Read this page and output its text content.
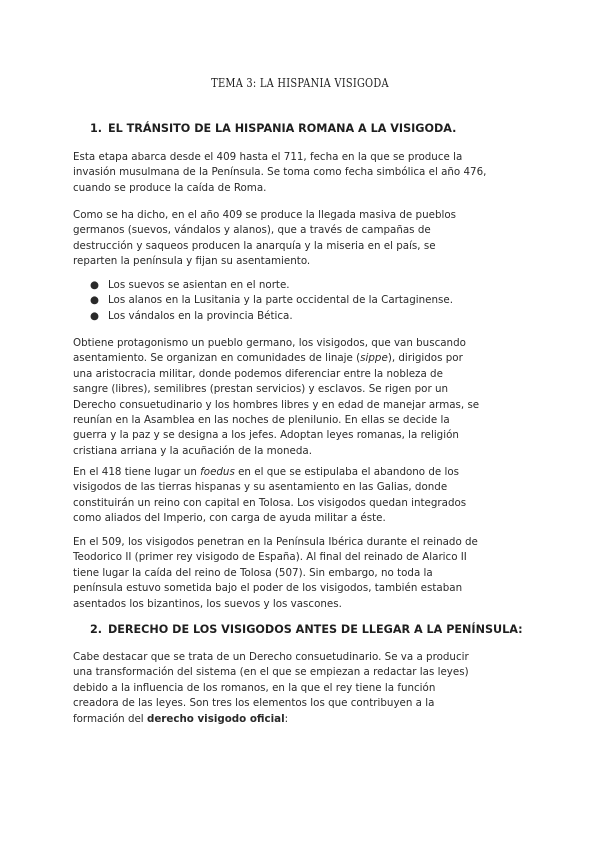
TEMA 3: LA HISPANIA VISIGODA
1. EL TRÁNSITO DE LA HISPANIA ROMANA A LA VISIGODA.
Esta etapa abarca desde el 409 hasta el 711, fecha en la que se produce la
invasión musulmana de la Península. Se toma como fecha simbólica el año 476,
cuando se produce la caída de Roma.
Como se ha dicho, en el año 409 se produce la llegada masiva de pueblos
germanos (suevos, vándalos y alanos), que a través de campañas de
destrucción y saqueos producen la anarquía y la miseria en el país, se
reparten la península y fijan su asentamiento.
● Los suevos se asientan en el norte.
● Los alanos en la Lusitania y la parte occidental de la Cartaginense.
● Los vándalos en la provincia Bética.
Obtiene protagonismo un pueblo germano, los visigodos, que van buscando
asentamiento. Se organizan en comunidades de linaje (sippe), dirigidos por
una aristocracia militar, donde podemos diferenciar entre la nobleza de
sangre (libres), semilibres (prestan servicios) y esclavos. Se rigen por un
Derecho consuetudinario y los hombres libres y en edad de manejar armas, se
reunían en la Asamblea en las noches de plenilunio. En ellas se decide la
guerra y la paz y se designa a los jefes. Adoptan leyes romanas, la religión
cristiana arriana y la acuñación de la moneda.
En el 418 tiene lugar un foedus en el que se estipulaba el abandono de los
visigodos de las tierras hispanas y su asentamiento en las Galias, donde
constituirán un reino con capital en Tolosa. Los visigodos quedan integrados
como aliados del Imperio, con carga de ayuda militar a éste.
En el 509, los visigodos penetran en la Península Ibérica durante el reinado de
Teodorico II (primer rey visigodo de España). Al final del reinado de Alarico II
tiene lugar la caída del reino de Tolosa (507). Sin embargo, no toda la
península estuvo sometida bajo el poder de los visigodos, también estaban
asentados los bizantinos, los suevos y los vascones.
2. DERECHO DE LOS VISIGODOS ANTES DE LLEGAR A LA PENÍNSULA:
Cabe destacar que se trata de un Derecho consuetudinario. Se va a producir
una transformación del sistema (en el que se empiezan a redactar las leyes)
debido a la influencia de los romanos, en la que el rey tiene la función
creadora de las leyes. Son tres los elementos los que contribuyen a la
formación del derecho visigodo oficial:
